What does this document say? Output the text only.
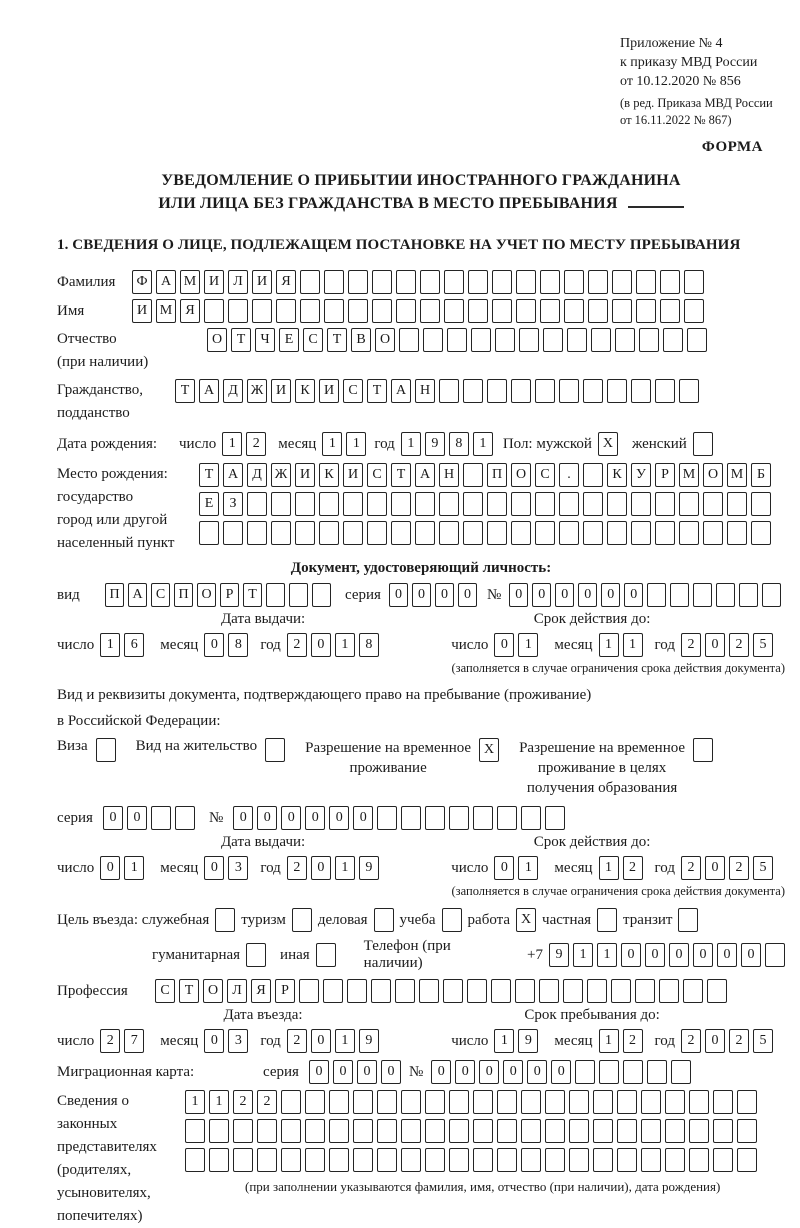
Приложение № 4
к приказу МВД России
от 10.12.2020 № 856
(в ред. Приказа МВД России
от 16.11.2022 № 867)
ФОРМА
УВЕДОМЛЕНИЕ О ПРИБЫТИИ ИНОСТРАННОГО ГРАЖДАНИНА
ИЛИ ЛИЦА БЕЗ ГРАЖДАНСТВА В МЕСТО ПРЕБЫВАНИЯ
1. СВЕДЕНИЯ О ЛИЦЕ, ПОДЛЕЖАЩЕМ ПОСТАНОВКЕ НА УЧЕТ ПО МЕСТУ ПРЕБЫВАНИЯ
Фамилия	Ф А М И	Л	И	Я
Имя	И М Я
Отчество
(при наличии)
О	Т	Ч	Е	С	Т	В	О
Гражданство,
подданство
Т	А	Д Ж И	К	И	С	Т	А Н
Дата рождения:	число 1	2	месяц 1	1 год 1	9	8	1	Пол: мужской X	женский
Место рождения:
государство
город или другой
населенный пункт
Т	А	Д Ж И	К	И	С	Т	А Н	П О	С	.	К	У	Р М О М Б
Е	З
Документ, удостоверяющий личность:
вид	П А С П О	Р	Т	серия	0	0	0	0	№	0	0	0	0	0	0
Дата выдачи:	Срок действия до:
число 1	6	месяц 0	8	год 2	0	1	8	число 0	1	месяц 1	1	год 2	0	2	5
(заполняется в случае ограничения срока действия документа)
Вид и реквизиты документа, подтверждающего право на пребывание (проживание)
в Российской Федерации:
Виза	Вид на жительство	Разрешение на временное
проживание
X	Разрешение на временное
проживание в целях
получения образования
серия	0	0	№	0	0	0	0	0	0
Дата выдачи:	Срок действия до:
число 0	1	месяц 0	3	год 2	0	1	9	число 0	1	месяц 1	2	год 2	0	2	5
(заполняется в случае ограничения срока действия документа)
Цель въезда: служебная туризм деловая учеба работа X частная транзит
гуманитарная	иная
Телефон (при наличии)
+7 9	1	1	0	0	0	0	0	0
Профессия	С	Т	О	Л	Я	Р
Дата въезда:	Срок пребывания до:
число 2	7	месяц 0	3	год 2	0	1	9	число 1	9	месяц 1	2	год 2	0	2	5
Миграционная карта:	серия	0	0	0	0 №	0	0	0	0	0	0
Сведения о
законных
представителях
(родителях,
усыновителях,
попечителях)
1	1	2	2
(при заполнении указываются фамилия, имя, отчество (при наличии), дата рождения)
